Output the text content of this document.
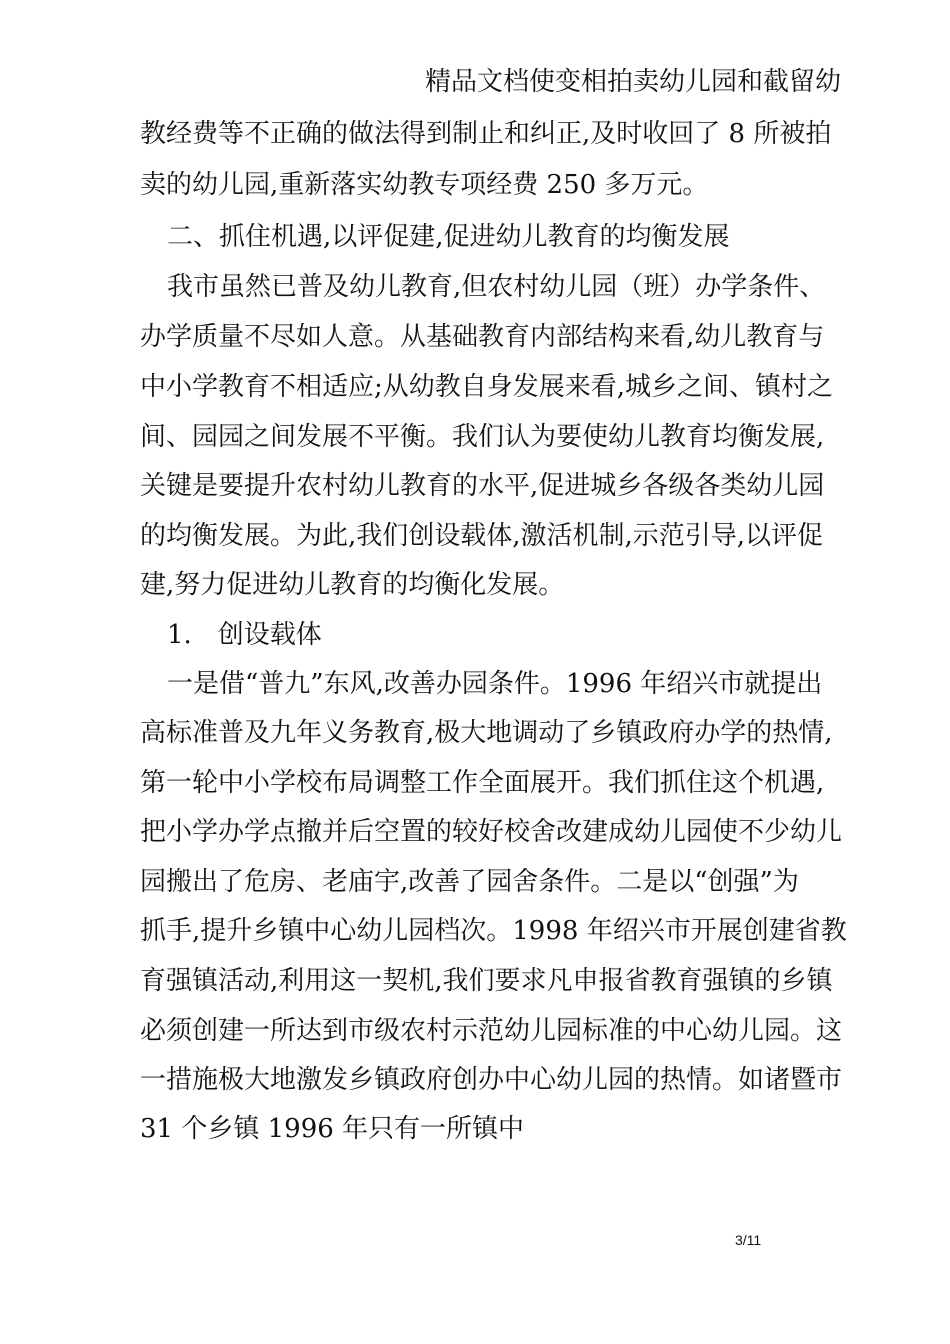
精品文档使变相拍卖幼儿园和截留幼
教经费等不正确的做法得到制止和纠正,及时收回了 8 所被拍
卖的幼儿园,重新落实幼教专项经费 250 多万元。
二、抓住机遇,以评促建,促进幼儿教育的均衡发展
我市虽然已普及幼儿教育,但农村幼儿园（班）办学条件、
办学质量不尽如人意。从基础教育内部结构来看,幼儿教育与
中小学教育不相适应;从幼教自身发展来看,城乡之间、镇村之
间、园园之间发展不平衡。我们认为要使幼儿教育均衡发展,
关键是要提升农村幼儿教育的水平,促进城乡各级各类幼儿园
的均衡发展。为此,我们创设载体,激活机制,示范引导,以评促
建,努力促进幼儿教育的均衡化发展。
1.　创设载体
一是借“普九”东风,改善办园条件。1996 年绍兴市就提出
高标准普及九年义务教育,极大地调动了乡镇政府办学的热情,
第一轮中小学校布局调整工作全面展开。我们抓住这个机遇,
把小学办学点撤并后空置的较好校舍改建成幼儿园使不少幼儿
园搬出了危房、老庙宇,改善了园舍条件。二是以“创强”为
抓手,提升乡镇中心幼儿园档次。1998 年绍兴市开展创建省教
育强镇活动,利用这一契机,我们要求凡申报省教育强镇的乡镇
必须创建一所达到市级农村示范幼儿园标准的中心幼儿园。这
一措施极大地激发乡镇政府创办中心幼儿园的热情。如诸暨市
31 个乡镇 1996 年只有一所镇中
3/11
